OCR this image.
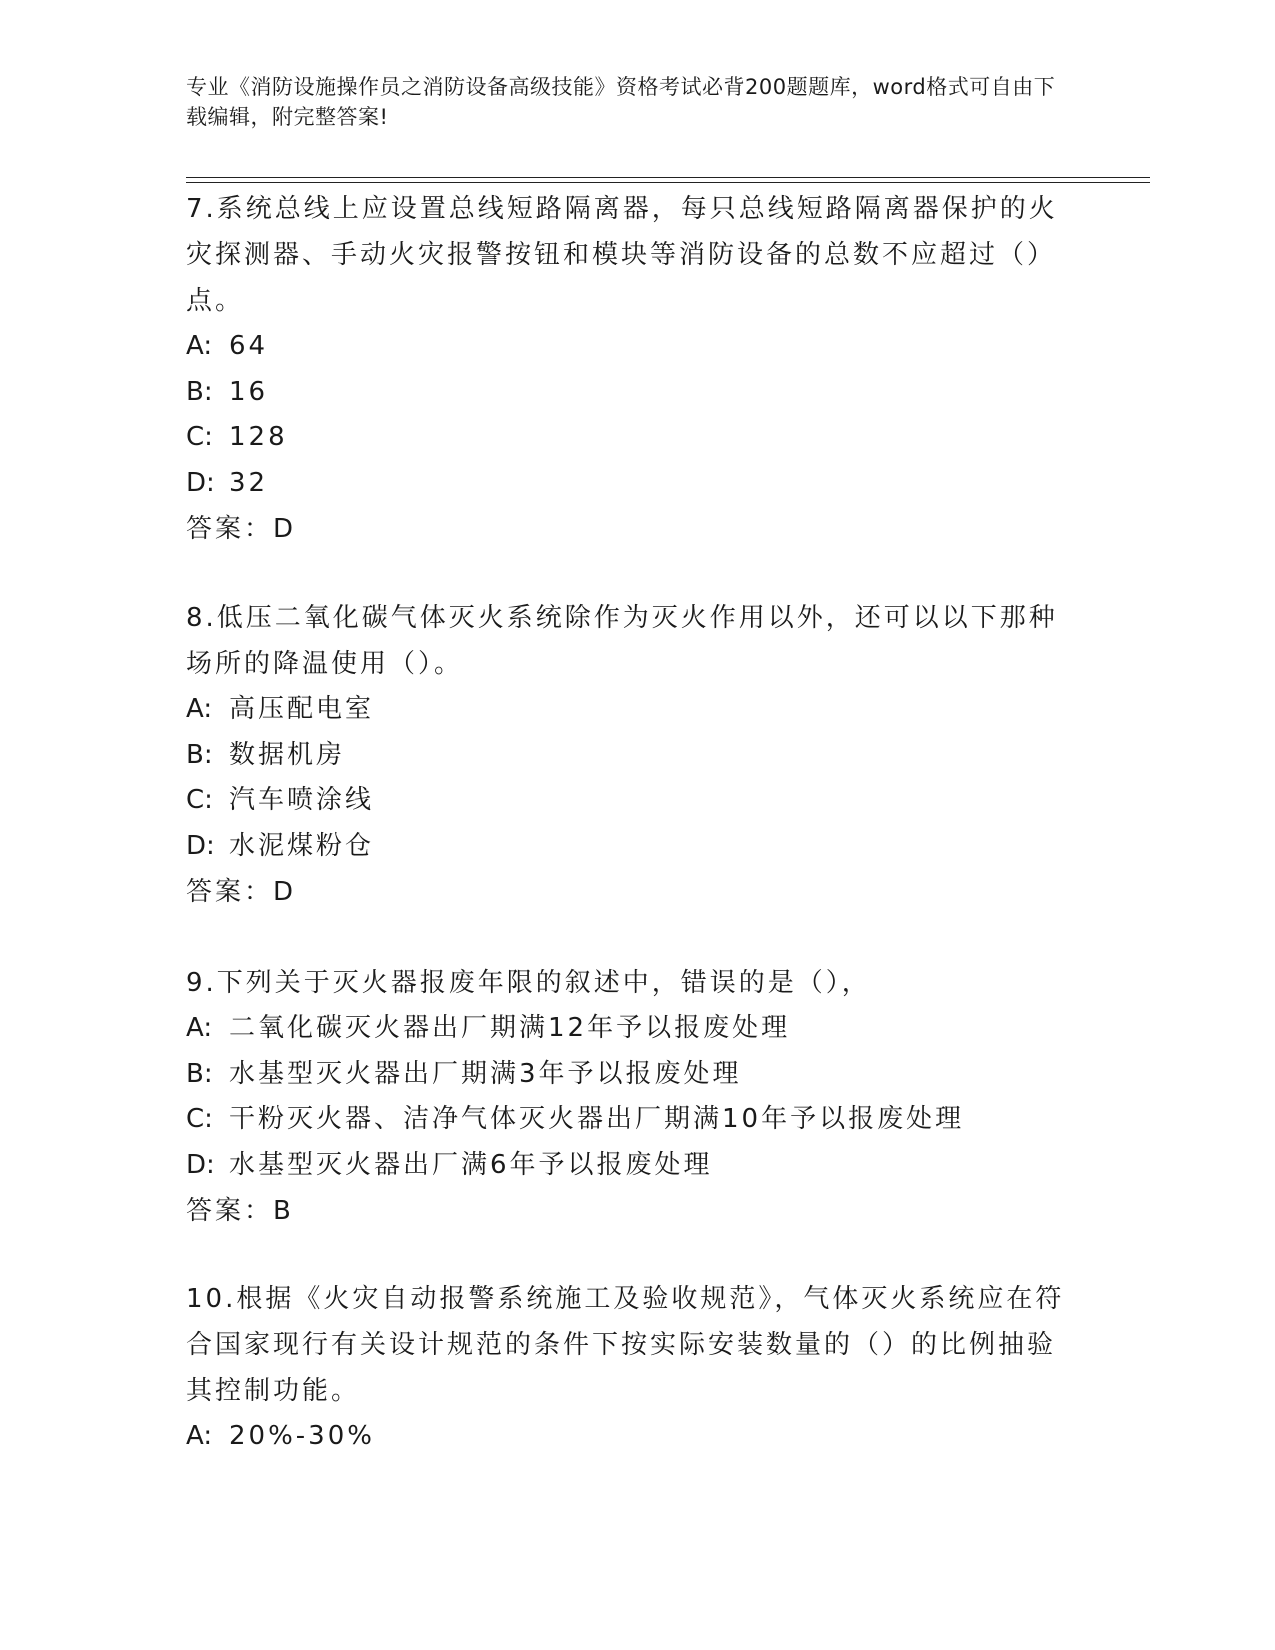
专业《消防设施操作员之消防设备高级技能》资格考试必背200题题库，word格式可自由下载编辑，附完整答案!

7.系统总线上应设置总线短路隔离器，每只总线短路隔离器保护的火灾探测器、手动火灾报警按钮和模块等消防设备的总数不应超过（）点。

A: 64
B: 16
C: 128
D: 32
答案：D

8.低压二氧化碳气体灭火系统除作为灭火作用以外，还可以以下那种场所的降温使用（）。

A: 高压配电室
B: 数据机房
C: 汽车喷涂线
D: 水泥煤粉仓
答案：D

9.下列关于灭火器报废年限的叙述中，错误的是（），

A: 二氧化碳灭火器出厂期满12年予以报废处理
B: 水基型灭火器出厂期满3年予以报废处理
C: 干粉灭火器、洁净气体灭火器出厂期满10年予以报废处理
D: 水基型灭火器出厂满6年予以报废处理
答案：B

10.根据《火灾自动报警系统施工及验收规范》，气体灭火系统应在符合国家现行有关设计规范的条件下按实际安装数量的（）的比例抽验其控制功能。

A: 20%-30%
